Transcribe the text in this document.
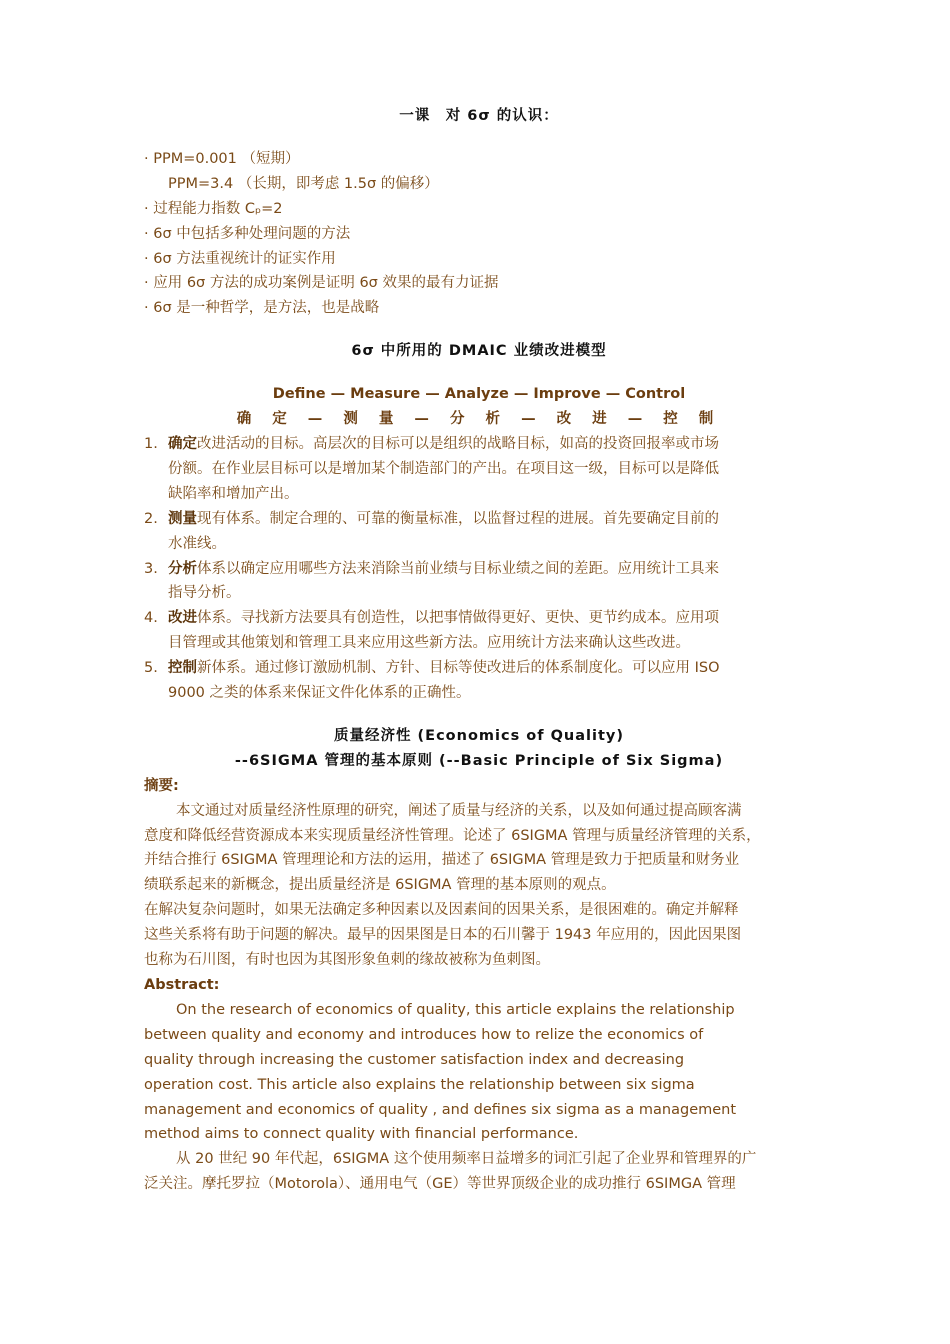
一课　对 6σ 的认识：
· PPM=0.001 （短期）
PPM=3.4 （长期，即考虑 1.5σ 的偏移）
· 过程能力指数 Cₚ=2
· 6σ 中包括多种处理问题的方法
· 6σ 方法重视统计的证实作用
· 应用 6σ 方法的成功案例是证明 6σ 效果的最有力证据
· 6σ 是一种哲学，是方法，也是战略
6σ 中所用的 DMAIC 业绩改进模型
Define — Measure — Analyze — Improve — Control
确 定 — 测 量 — 分 析 — 改 进 — 控 制
1. 确定改进活动的目标。高层次的目标可以是组织的战略目标，如高的投资回报率或市场
份额。在作业层目标可以是增加某个制造部门的产出。在项目这一级，目标可以是降低
缺陷率和增加产出。
2. 测量现有体系。制定合理的、可靠的衡量标准，以监督过程的进展。首先要确定目前的
水准线。
3. 分析体系以确定应用哪些方法来消除当前业绩与目标业绩之间的差距。应用统计工具来
指导分析。
4. 改进体系。寻找新方法要具有创造性，以把事情做得更好、更快、更节约成本。应用项
目管理或其他策划和管理工具来应用这些新方法。应用统计方法来确认这些改进。
5. 控制新体系。通过修订激励机制、方针、目标等使改进后的体系制度化。可以应用 ISO
9000 之类的体系来保证文件化体系的正确性。
质量经济性 (Economics of Quality)
--6SIGMA 管理的基本原则 (--Basic Principle of Six Sigma)
摘要:
本文通过对质量经济性原理的研究，阐述了质量与经济的关系，以及如何通过提高顾客满
意度和降低经营资源成本来实现质量经济性管理。论述了 6SIGMA 管理与质量经济管理的关系，
并结合推行 6SIGMA 管理理论和方法的运用，描述了 6SIGMA 管理是致力于把质量和财务业
绩联系起来的新概念，提出质量经济是 6SIGMA 管理的基本原则的观点。
在解决复杂问题时，如果无法确定多种因素以及因素间的因果关系，是很困难的。确定并解释
这些关系将有助于问题的解决。最早的因果图是日本的石川馨于 1943 年应用的，因此因果图
也称为石川图，有时也因为其图形象鱼刺的缘故被称为鱼刺图。
Abstract:
On the research of economics of quality, this article explains the relationship
between quality and economy and introduces how to relize the economics of
quality through increasing the customer satisfaction index and decreasing
operation cost. This article also explains the relationship between six sigma
management and economics of quality , and defines six sigma as a management
method aims to connect quality with financial performance.
从 20 世纪 90 年代起，6SIGMA 这个使用频率日益增多的词汇引起了企业界和管理界的广
泛关注。摩托罗拉（Motorola）、通用电气（GE）等世界顶级企业的成功推行 6SIMGA 管理
